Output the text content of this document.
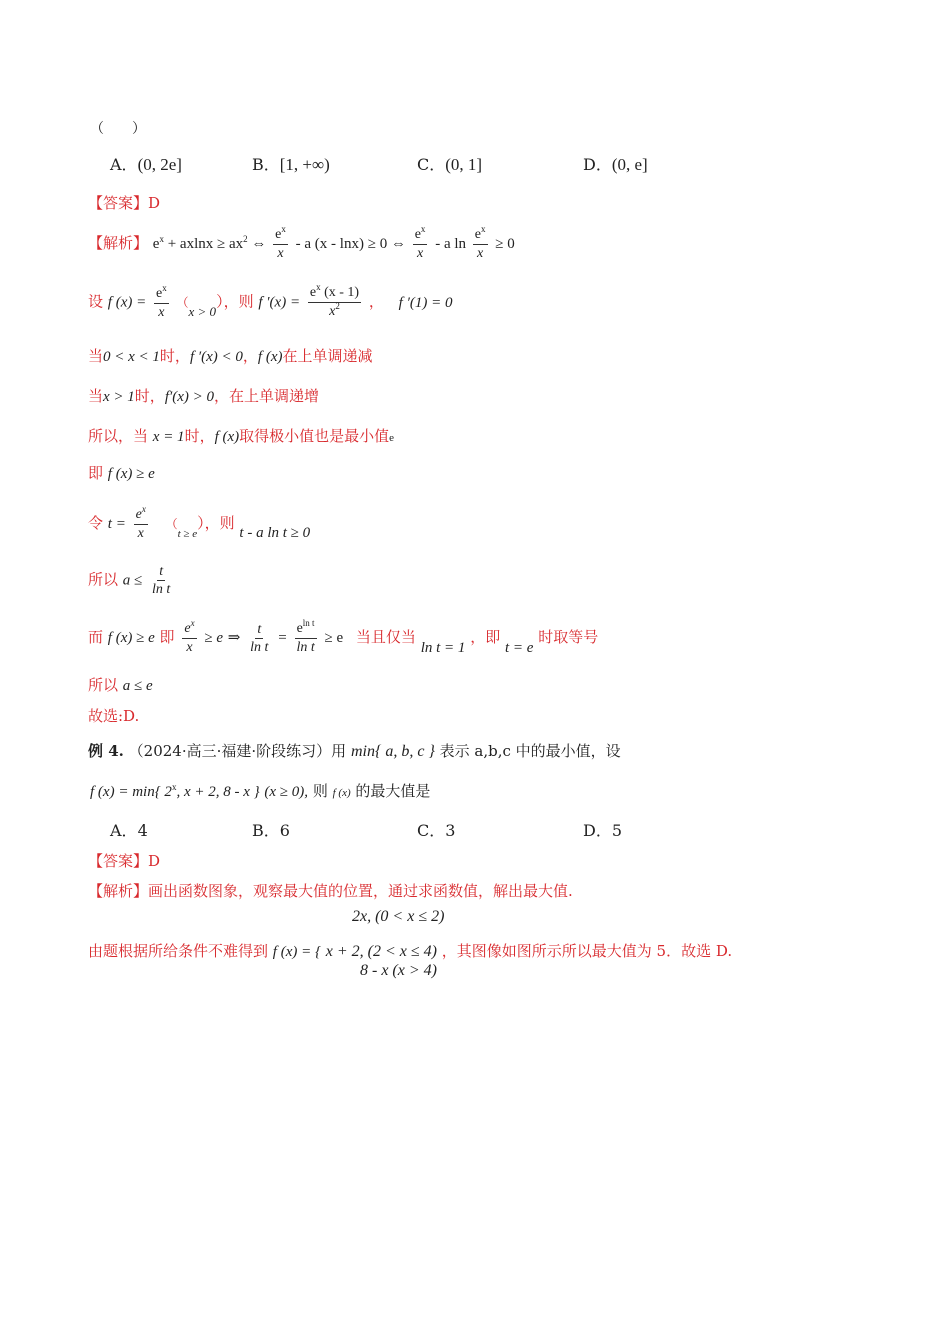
（　　）
A．(0, 2e]	B．[1, +∞)	C．(0, 1]	D．(0, e]
【答案】D
【解析】 $e^x + axlnx \ge ax^2$ ⇔ $\frac{e^x}{x}$ - a (x - lnx) ≥ 0 ⇔ $\frac{e^x}{x}$ - a $\ln \frac{e^x}{x} \ge 0$
设 f $(x) = \frac{e^x}{x} (x > 0)$，则 f $'(x) = \frac{e^x (x - 1)}{x^2}$ ， f ′(1) = 0
当0 < x < 1时，f ′(x) < 0，f (x)在上单调递减
当x > 1时，f′(x) > 0，在上单调递增
所以，当 x = 1时，f (x)取得极小值也是最小值e
即 f (x) ≥ e
令 $t = \frac{e^x}{x} (_{t \ge e})$，则 t - a ln t ≥ 0
所以 $a \le \frac{t}{\text{ln t}}$
而 f (x) ≥ e 即 $\frac{e^x}{x} \ge e$ ⇒ $\frac{t}{\text{ln t}} = \frac{e^{ln t}}{\text{ln t}} \ge e$ 当且仅当 ln t = 1 ，即 t = e 时取等号
所以 a ≤ e
故选:D.
例 4. （2024·高三·福建·阶段练习）用 min{ a, b, c } 表示 a,b,c 中的最小值，设
f (x) = min{ 2$^x$, x + 2, 8 - x } (x ≥ 0), 则 f (x) 的最大值是
A．4	B．6	C．3	D．5
【答案】D
【解析】画出函数图象，观察最大值的位置，通过求函数值，解出最大值.
2x, (0 < x ≤ 2)
由题根据所给条件不难得到 f (x) = { x + 2, (2 < x ≤ 4) ，其图像如图所示所以最大值为 5．故选 D.
8 - x (x > 4)
